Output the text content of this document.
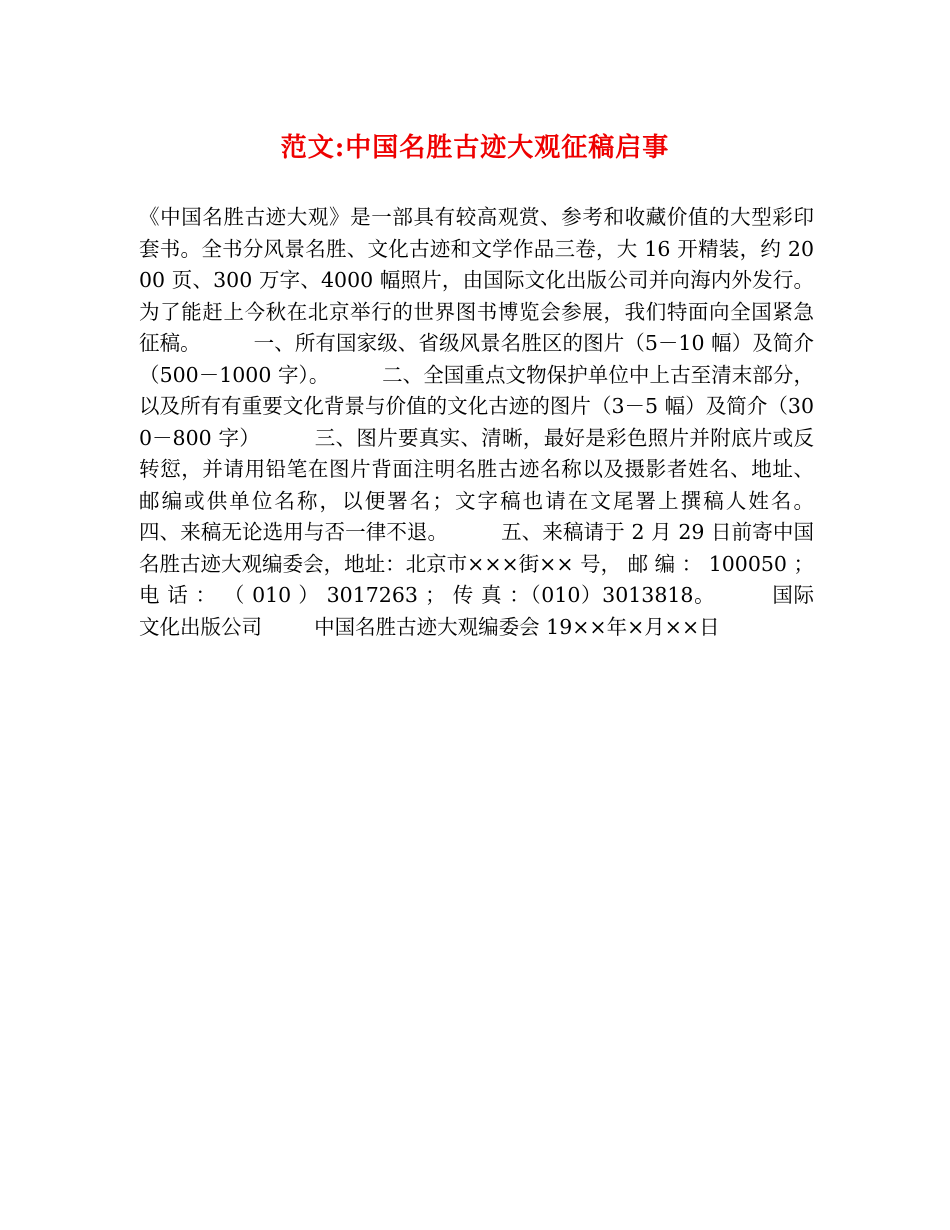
范文:中国名胜古迹大观征稿启事
《中国名胜古迹大观》是一部具有较高观赏、参考和收藏价值的大型彩印套书。全书分风景名胜、文化古迹和文学作品三卷，大 16 开精装，约 2000 页、300 万字、4000 幅照片，由国际文化出版公司并向海内外发行。为了能赶上今秋在北京举行的世界图书博览会参展，我们特面向全国紧急征稿。        一、所有国家级、省级风景名胜区的图片（5－10 幅）及简介（500－1000 字）。        二、全国重点文物保护单位中上古至清末部分，以及所有有重要文化背景与价值的文化古迹的图片（3－5 幅）及简介（300－800 字）        三、图片要真实、清晰，最好是彩色照片并附底片或反转愆，并请用铅笔在图片背面注明名胜古迹名称以及摄影者姓名、地址、邮编或供单位名称，以便署名；文字稿也请在文尾署上撰稿人姓名。        四、来稿无论选用与否一律不退。        五、来稿请于 2 月 29 日前寄中国名胜古迹大观编委会，地址：北京市×××街×× 号， 邮 编 ： 100050 ； 电 话 ： （ 010 ） 3017263 ； 传 真 ：（010）3013818。        国际文化出版公司        中国名胜古迹大观编委会 19××年×月××日
